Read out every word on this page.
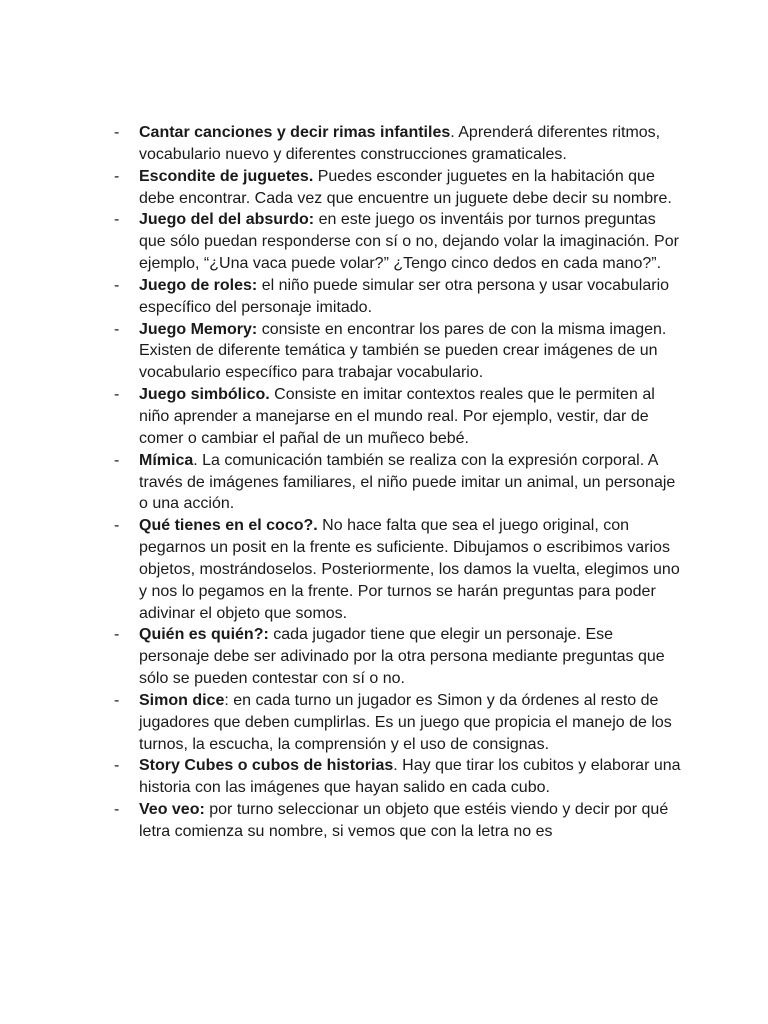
- Cantar canciones y decir rimas infantiles. Aprenderá diferentes ritmos, vocabulario nuevo y diferentes construcciones gramaticales.
- Escondite de juguetes. Puedes esconder juguetes en la habitación que debe encontrar. Cada vez que encuentre un juguete debe decir su nombre.
- Juego del del absurdo: en este juego os inventáis por turnos preguntas que sólo puedan responderse con sí o no, dejando volar la imaginación. Por ejemplo, “¿Una vaca puede volar?” ¿Tengo cinco dedos en cada mano?”.
- Juego de roles: el niño puede simular ser otra persona y usar vocabulario específico del personaje imitado.
- Juego Memory: consiste en encontrar los pares de con la misma imagen. Existen de diferente temática y también se pueden crear imágenes de un vocabulario específico para trabajar vocabulario.
- Juego simbólico. Consiste en imitar contextos reales que le permiten al niño aprender a manejarse en el mundo real. Por ejemplo, vestir, dar de comer o cambiar el pañal de un muñeco bebé.
- Mímica. La comunicación también se realiza con la expresión corporal. A través de imágenes familiares, el niño puede imitar un animal, un personaje o una acción.
- Qué tienes en el coco?. No hace falta que sea el juego original, con pegarnos un posit en la frente es suficiente. Dibujamos o escribimos varios objetos, mostrándoselos. Posteriormente, los damos la vuelta, elegimos uno y nos lo pegamos en la frente. Por turnos se harán preguntas para poder adivinar el objeto que somos.
- Quién es quién?: cada jugador tiene que elegir un personaje. Ese personaje debe ser adivinado por la otra persona mediante preguntas que sólo se pueden contestar con sí o no.
- Simon dice: en cada turno un jugador es Simon y da órdenes al resto de jugadores que deben cumplirlas. Es un juego que propicia el manejo de los turnos, la escucha, la comprensión y el uso de consignas.
- Story Cubes o cubos de historias. Hay que tirar los cubitos y elaborar una historia con las imágenes que hayan salido en cada cubo.
- Veo veo: por turno seleccionar un objeto que estéis viendo y decir por qué letra comienza su nombre, si vemos que con la letra no es
